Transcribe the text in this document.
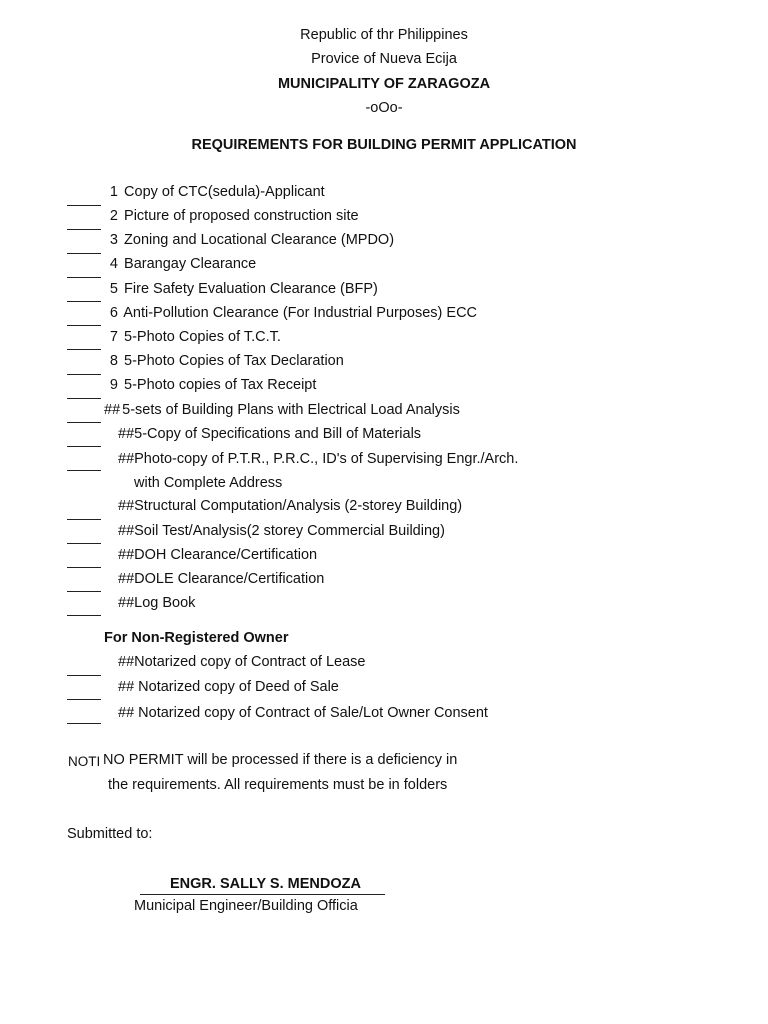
Republic of thr Philippines
Provice of Nueva Ecija
MUNICIPALITY OF ZARAGOZA
-oOo-
REQUIREMENTS FOR BUILDING PERMIT APPLICATION
1 Copy of CTC(sedula)-Applicant
2 Picture of proposed construction site
3 Zoning and Locational Clearance (MPDO)
4 Barangay Clearance
5 Fire Safety Evaluation Clearance (BFP)
6 Anti-Pollution Clearance (For Industrial Purposes) ECC
7 5-Photo Copies of T.C.T.
8 5-Photo Copies of Tax Declaration
9 5-Photo copies of Tax Receipt
## 5-sets of Building Plans with Electrical Load Analysis
##5-Copy of Specifications and Bill of Materials
##Photo-copy of P.T.R., P.R.C., ID's of Supervising Engr./Arch.
with Complete Address
##Structural Computation/Analysis (2-storey Building)
##Soil Test/Analysis(2 storey Commercial Building)
##DOH Clearance/Certification
##DOLE Clearance/Certification
##Log Book
For Non-Registered Owner
##Notarized copy of Contract of Lease
## Notarized copy of Deed of Sale
## Notarized copy of Contract of Sale/Lot Owner Consent
NOTI NO PERMIT will be processed if there is a deficiency in
the requirements. All requirements must be in folders
Submitted to:
ENGR. SALLY S. MENDOZA
Municipal Engineer/Building Officia
